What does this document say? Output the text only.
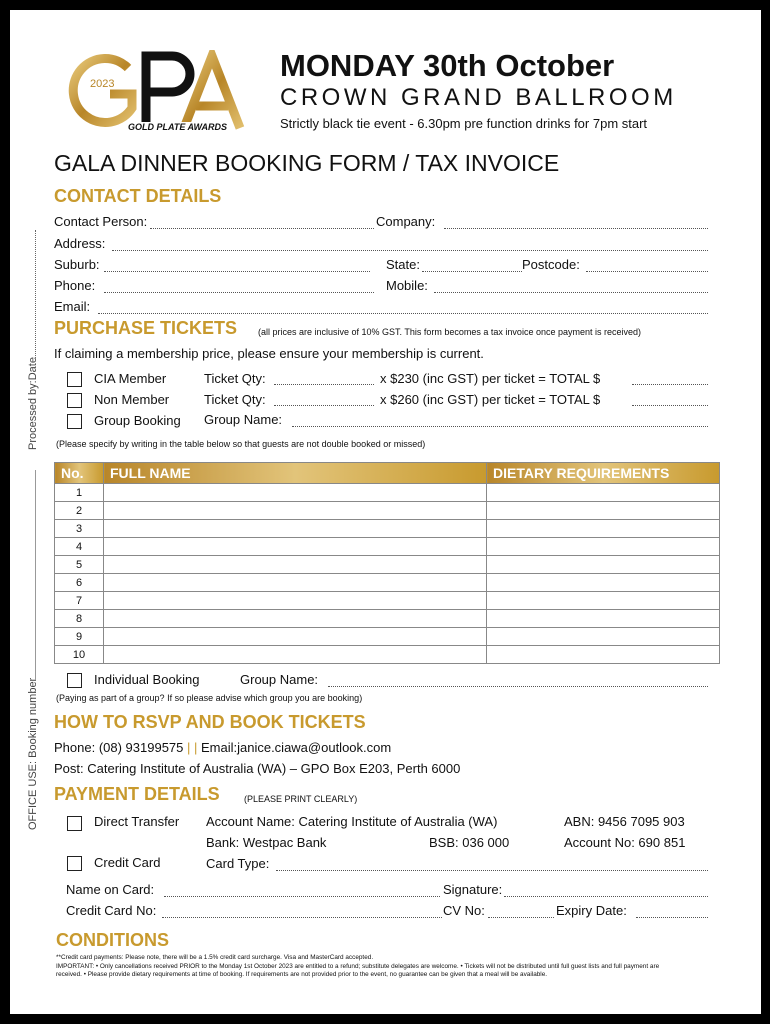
2023
GOLD PLATE AWARDS
MONDAY 30th October
CROWN GRAND BALLROOM
Strictly black tie event - 6.30pm pre function drinks for 7pm start
GALA DINNER BOOKING FORM / TAX INVOICE
Processed by:Date
OFFICE USE: Booking number
CONTACT DETAILS
Contact Person:	Company:
Address:
Suburb:	State:	Postcode:
Phone:	Mobile:
Email:
PURCHASE TICKETS (all prices are inclusive of 10% GST. This form becomes a tax invoice once payment is received)
If claiming a membership price, please ensure your membership is current.
CIA Member	Ticket Qty:	x $230 (inc GST) per ticket = TOTAL $
Non Member	Ticket Qty:	x $260 (inc GST) per ticket = TOTAL $
Group Booking Group Name:
(Please specify by writing in the table below so that guests are not double booked or missed)
No.	FULL NAME	DIETARY REQUIREMENTS
1		
2		
3		
4		
5		
6		
7		
8		
9		
10		
Individual Booking	Group Name:
(Paying as part of a group? If so please advise which group you are booking)
HOW TO RSVP AND BOOK TICKETS
Phone: (08) 93199575 | | Email:janice.ciawa@outlook.com
Post: Catering Institute of Australia (WA) – GPO Box E203, Perth 6000
PAYMENT DETAILS	(PLEASE PRINT CLEARLY)
Direct Transfer Account Name: Catering Institute of Australia (WA)	ABN: 9456 7095 903
Bank: Westpac Bank	BSB: 036 000	Account No: 690 851
Credit Card	Card Type:
Name on Card:	Signature:
Credit Card No:	CV No:	Expiry Date:
CONDITIONS
**Credit card payments: Please note, there will be a 1.5% credit card surcharge. Visa and MasterCard accepted.
IMPORTANT: • Only cancellations received PRIOR to the Monday 1st October 2023 are entitled to a refund; substitute delegates are welcome. • Tickets will not be distributed until full guest lists and full payment are
received. • Please provide dietary requirements at time of booking. If requirements are not provided prior to the event, no guarantee can be given that a meal will be available.
